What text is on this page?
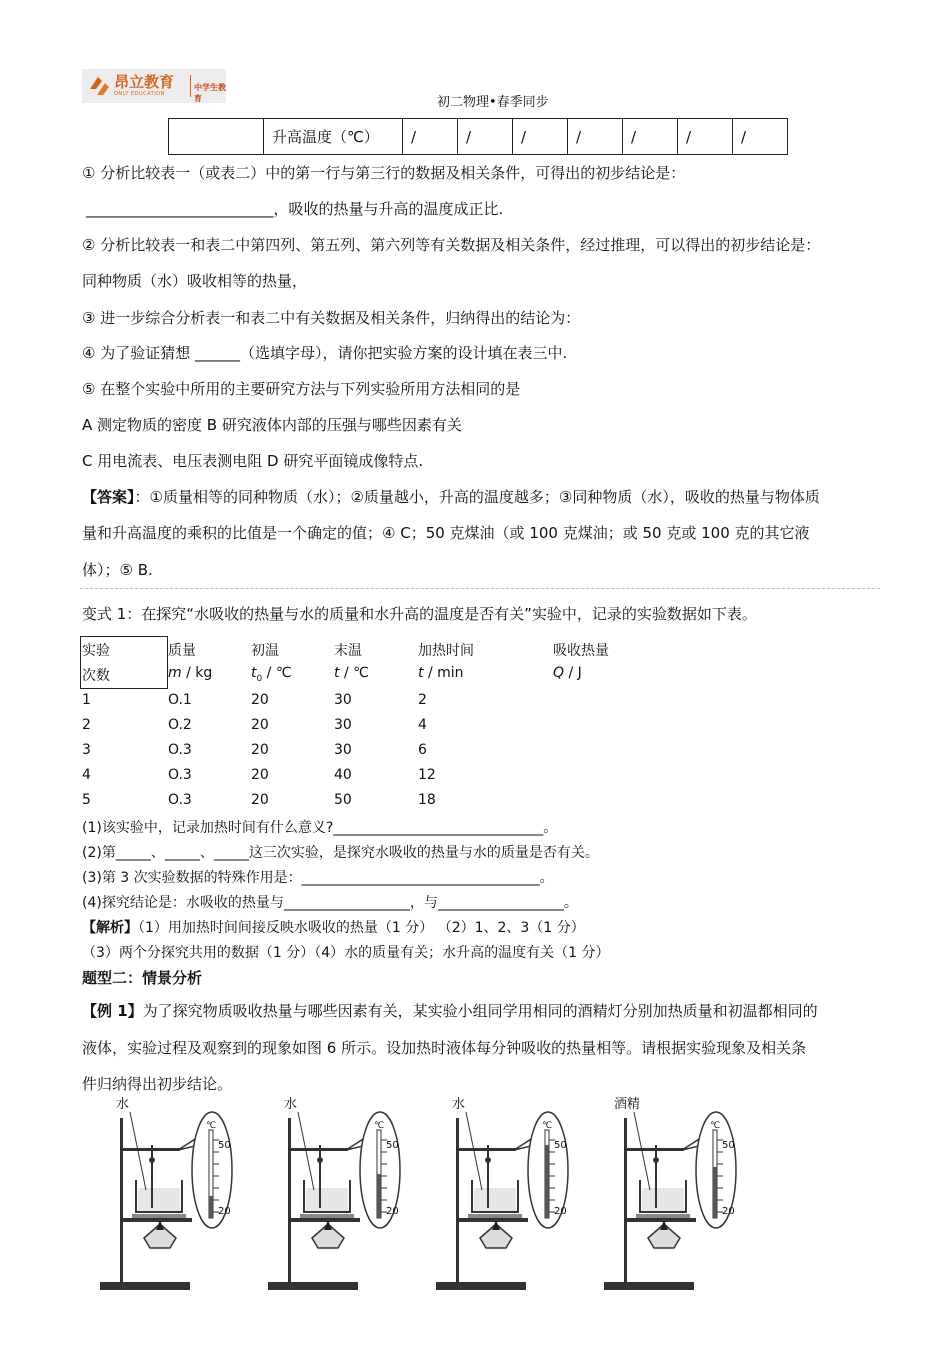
昂立教育
ONLY EDUCATION
中学生教育	初二物理•春季同步
	升高温度（℃）	/	/	/	/	/	/	/
① 分析比较表一（或表二）中的第一行与第三行的数据及相关条件，可得出的初步结论是：
_________________________，吸收的热量与升高的温度成正比.
② 分析比较表一和表二中第四列、第五列、第六列等有关数据及相关条件，经过推理，可以得出的初步结论是：
同种物质（水）吸收相等的热量，
③ 进一步综合分析表一和表二中有关数据及相关条件，归纳得出的结论为：
④ 为了验证猜想 ______（选填字母），请你把实验方案的设计填在表三中.
⑤ 在整个实验中所用的主要研究方法与下列实验所用方法相同的是
A 测定物质的密度 B 研究液体内部的压强与哪些因素有关
C 用电流表、电压表测电阻 D 研究平面镜成像特点.
【答案】：①质量相等的同种物质（水）；②质量越小，升高的温度越多；③同种物质（水），吸收的热量与物体质
量和升高温度的乘积的比值是一个确定的值；④ C；50 克煤油（或 100 克煤油；或 50 克或 100 克的其它液
体）；⑤ B.
变式 1：在探究“水吸收的热量与水的质量和水升高的温度是否有关”实验中，记录的实验数据如下表。
实验	质量	初温	末温	加热时间	吸收热量
次数	m / kg	$t_0$ / ℃	t / ℃	t / min	Q / J
1	O.1	20	30	2
2	O.2	20	30	4
3	O.3	20	30	6
4	O.3	20	40	12
5	O.3	20	50	18
(1)该实验中，记录加热时间有什么意义?______________________________。
(2)第_____、_____、_____这三次实验，是探究水吸收的热量与水的质量是否有关。
(3)第 3 次实验数据的特殊作用是：__________________________________。
(4)探究结论是：水吸收的热量与__________________，与__________________。
【解析】（1）用加热时间间接反映水吸收的热量（1 分） （2）1、2、3（1 分）
（3）两个分探究共用的数据（1 分）（4）水的质量有关；水升高的温度有关（1 分）
题型二：情景分析
【例 1】为了探究物质吸收热量与哪些因素有关，某实验小组同学用相同的酒精灯分别加热质量和初温都相同的
液体，实验过程及观察到的现象如图 6 所示。设加热时液体每分钟吸收的热量相等。请根据实验现象及相关条
件归纳得出初步结论。
水
℃
50
20
水
℃
50
20
水
℃
50
20
酒精
℃
50
20
